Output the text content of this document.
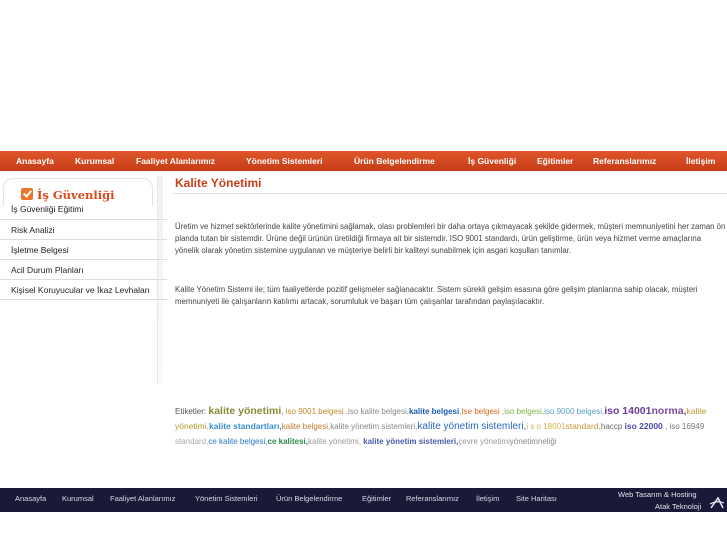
Anasayfa Kurumsal	Faaliyet Alanlarımız	Yönetim Sistemleri	Ürün Belgelendirme	İş Güvenliği Eğitimler Referanslarımız	İletişim
İş Güvenliği
İş Güvenliği Eğitimi
Risk Analizi
İşletme Belgesi
Acil Durum Planları
Kişisel Koruyucular ve İkaz Levhaları
Kalite Yönetimi

Üretim ve hizmet sektörlerinde kalite yönetimini sağlamak, olası problemleri bir daha ortaya çıkmayacak şekilde gidermek, müşteri memnuniyetini her zaman ön planda tutan bir sistemdir. Ürüne değil ürünün üretildiği firmaya ait bir sistemdir. ISO 9001 standardı, ürün geliştirme, ürün veya hizmet verme amaçlarına yönelik olarak yönetim sistemine uygulanan ve müşteriye belirli bir kaliteyi sunabilmek için asgari koşulları tanımlar.

Kalite Yönetim Sistemi ile; tüm faaliyetlerde pozitif gelişmeler sağlanacaktır. Sistem sürekli gelişim esasına göre gelişim planlarına sahip olacak, müşteri memnuniyeti ile çalışanların katılımı artacak, sorumluluk ve başarı tüm çalışanlar tarafından paylaşılacaktır.

Etiketler: kalite yönetimi, iso 9001 belgesi ,iso kalite belgesi,kalite belgesi,tse belgesi ,iso belgesi,iso 9000 belgesi,iso 14001norma,kalite yönetimi,kalite standartları,kalite belgesi,kalite yönetim sistemleri,kalite yönetim sistemleri,i s o 18001standard,haccp iso 22000 , iso 16949 standard,ce kalite belgesi,ce kalitesi,kalite yönetimi, kalite yönetim sistemleri,çevre yönetimiyönetimneliği
Anasayfa Kurumsal Faaliyet Alanlarımız	Yönetim Sistemleri Ürün Belgelendirme	Eğitimler Referanslarımız İletişim Site Haritası	Web Tasarım & Hosting
Atak Teknoloji
